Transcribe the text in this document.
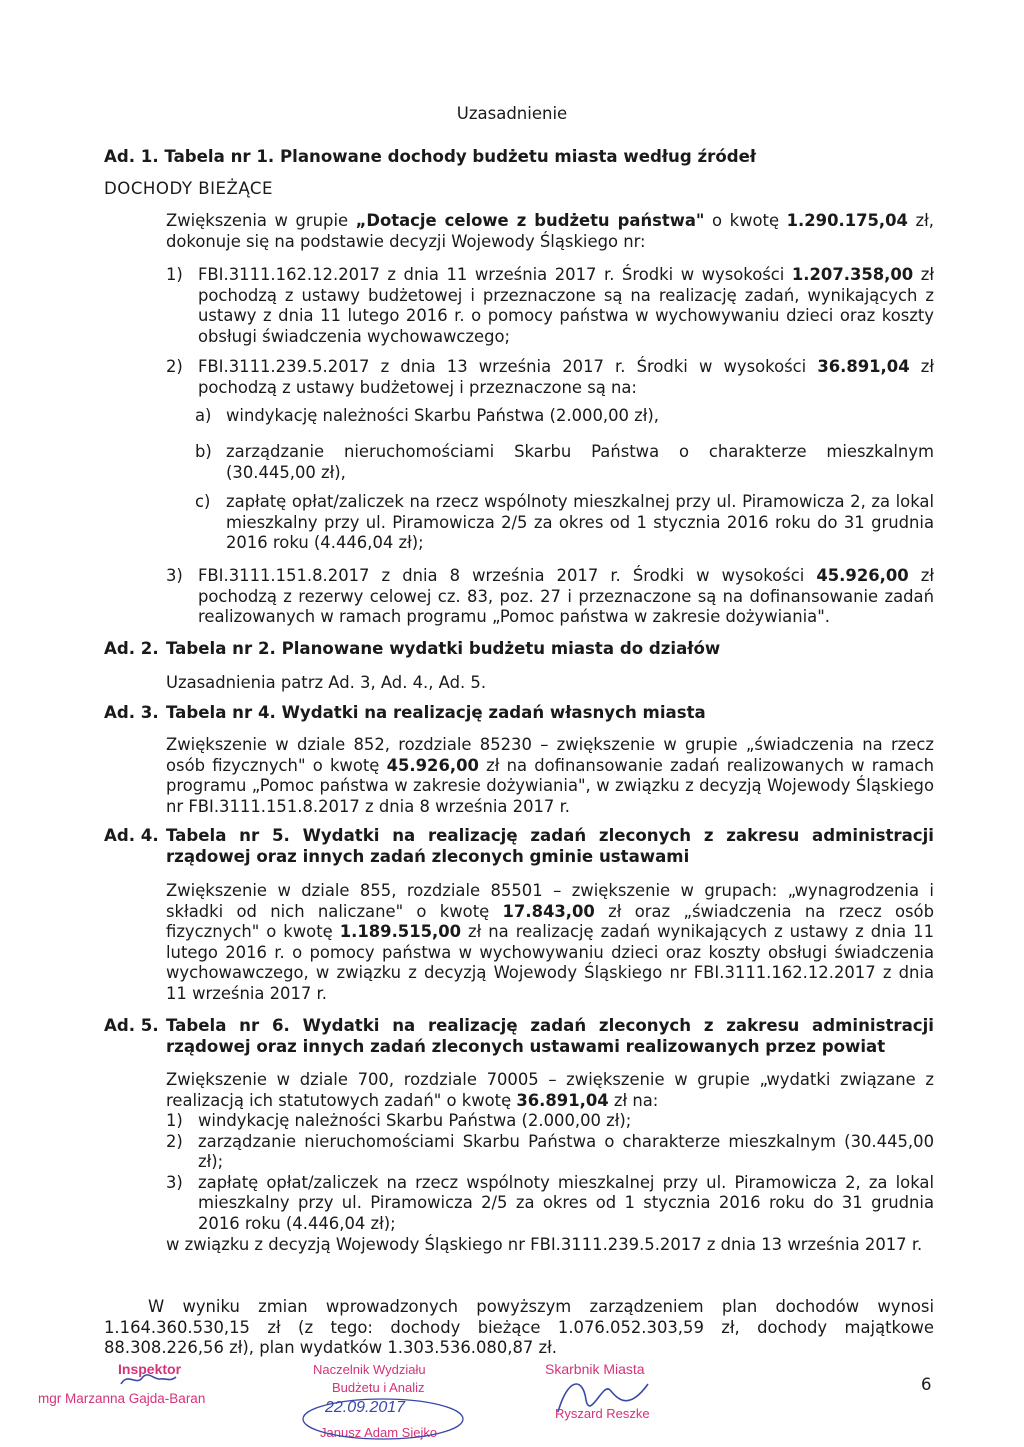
Uzasadnienie
Ad. 1. Tabela nr 1. Planowane dochody budżetu miasta według źródeł
DOCHODY BIEŻĄCE
Zwiększenia w grupie „Dotacje celowe z budżetu państwa" o kwotę 1.290.175,04 zł, dokonuje się na podstawie decyzji Wojewody Śląskiego nr:
1) FBI.3111.162.12.2017 z dnia 11 września 2017 r. Środki w wysokości 1.207.358,00 zł pochodzą z ustawy budżetowej i przeznaczone są na realizację zadań, wynikających z ustawy z dnia 11 lutego 2016 r. o pomocy państwa w wychowywaniu dzieci oraz koszty obsługi świadczenia wychowawczego;
2) FBI.3111.239.5.2017 z dnia 13 września 2017 r. Środki w wysokości 36.891,04 zł pochodzą z ustawy budżetowej i przeznaczone są na:
a) windykację należności Skarbu Państwa (2.000,00 zł),
b) zarządzanie nieruchomościami Skarbu Państwa o charakterze mieszkalnym (30.445,00 zł),
c) zapłatę opłat/zaliczek na rzecz wspólnoty mieszkalnej przy ul. Piramowicza 2, za lokal mieszkalny przy ul. Piramowicza 2/5 za okres od 1 stycznia 2016 roku do 31 grudnia 2016 roku (4.446,04 zł);
3) FBI.3111.151.8.2017 z dnia 8 września 2017 r. Środki w wysokości 45.926,00 zł pochodzą z rezerwy celowej cz. 83, poz. 27 i przeznaczone są na dofinansowanie zadań realizowanych w ramach programu „Pomoc państwa w zakresie dożywiania".
Ad. 2. Tabela nr 2. Planowane wydatki budżetu miasta do działów
Uzasadnienia patrz Ad. 3, Ad. 4., Ad. 5.
Ad. 3. Tabela nr 4. Wydatki na realizację zadań własnych miasta
Zwiększenie w dziale 852, rozdziale 85230 – zwiększenie w grupie „świadczenia na rzecz osób fizycznych" o kwotę 45.926,00 zł na dofinansowanie zadań realizowanych w ramach programu „Pomoc państwa w zakresie dożywiania", w związku z decyzją Wojewody Śląskiego nr FBI.3111.151.8.2017 z dnia 8 września 2017 r.
Ad. 4. Tabela nr 5. Wydatki na realizację zadań zleconych z zakresu administracji rządowej oraz innych zadań zleconych gminie ustawami
Zwiększenie w dziale 855, rozdziale 85501 – zwiększenie w grupach: „wynagrodzenia i składki od nich naliczane" o kwotę 17.843,00 zł oraz „świadczenia na rzecz osób fizycznych" o kwotę 1.189.515,00 zł na realizację zadań wynikających z ustawy z dnia 11 lutego 2016 r. o pomocy państwa w wychowywaniu dzieci oraz koszty obsługi świadczenia wychowawczego, w związku z decyzją Wojewody Śląskiego nr FBI.3111.162.12.2017 z dnia 11 września 2017 r.
Ad. 5. Tabela nr 6. Wydatki na realizację zadań zleconych z zakresu administracji rządowej oraz innych zadań zleconych ustawami realizowanych przez powiat
Zwiększenie w dziale 700, rozdziale 70005 – zwiększenie w grupie „wydatki związane z realizacją ich statutowych zadań" o kwotę 36.891,04 zł na:
1) windykację należności Skarbu Państwa (2.000,00 zł);
2) zarządzanie nieruchomościami Skarbu Państwa o charakterze mieszkalnym (30.445,00 zł);
3) zapłatę opłat/zaliczek na rzecz wspólnoty mieszkalnej przy ul. Piramowicza 2, za lokal mieszkalny przy ul. Piramowicza 2/5 za okres od 1 stycznia 2016 roku do 31 grudnia 2016 roku (4.446,04 zł);
w związku z decyzją Wojewody Śląskiego nr FBI.3111.239.5.2017 z dnia 13 września 2017 r.
W wyniku zmian wprowadzonych powyższym zarządzeniem plan dochodów wynosi 1.164.360.530,15 zł (z tego: dochody bieżące 1.076.052.303,59 zł, dochody majątkowe 88.308.226,56 zł), plan wydatków 1.303.536.080,87 zł.
Inspektor
mgr Marzanna Gajda-Baran
Naczelnik Wydziału
Budżetu i Analiz
22.09.2017
Janusz Adam Siejko
Skarbnik Miasta
Ryszard Reszke
6
